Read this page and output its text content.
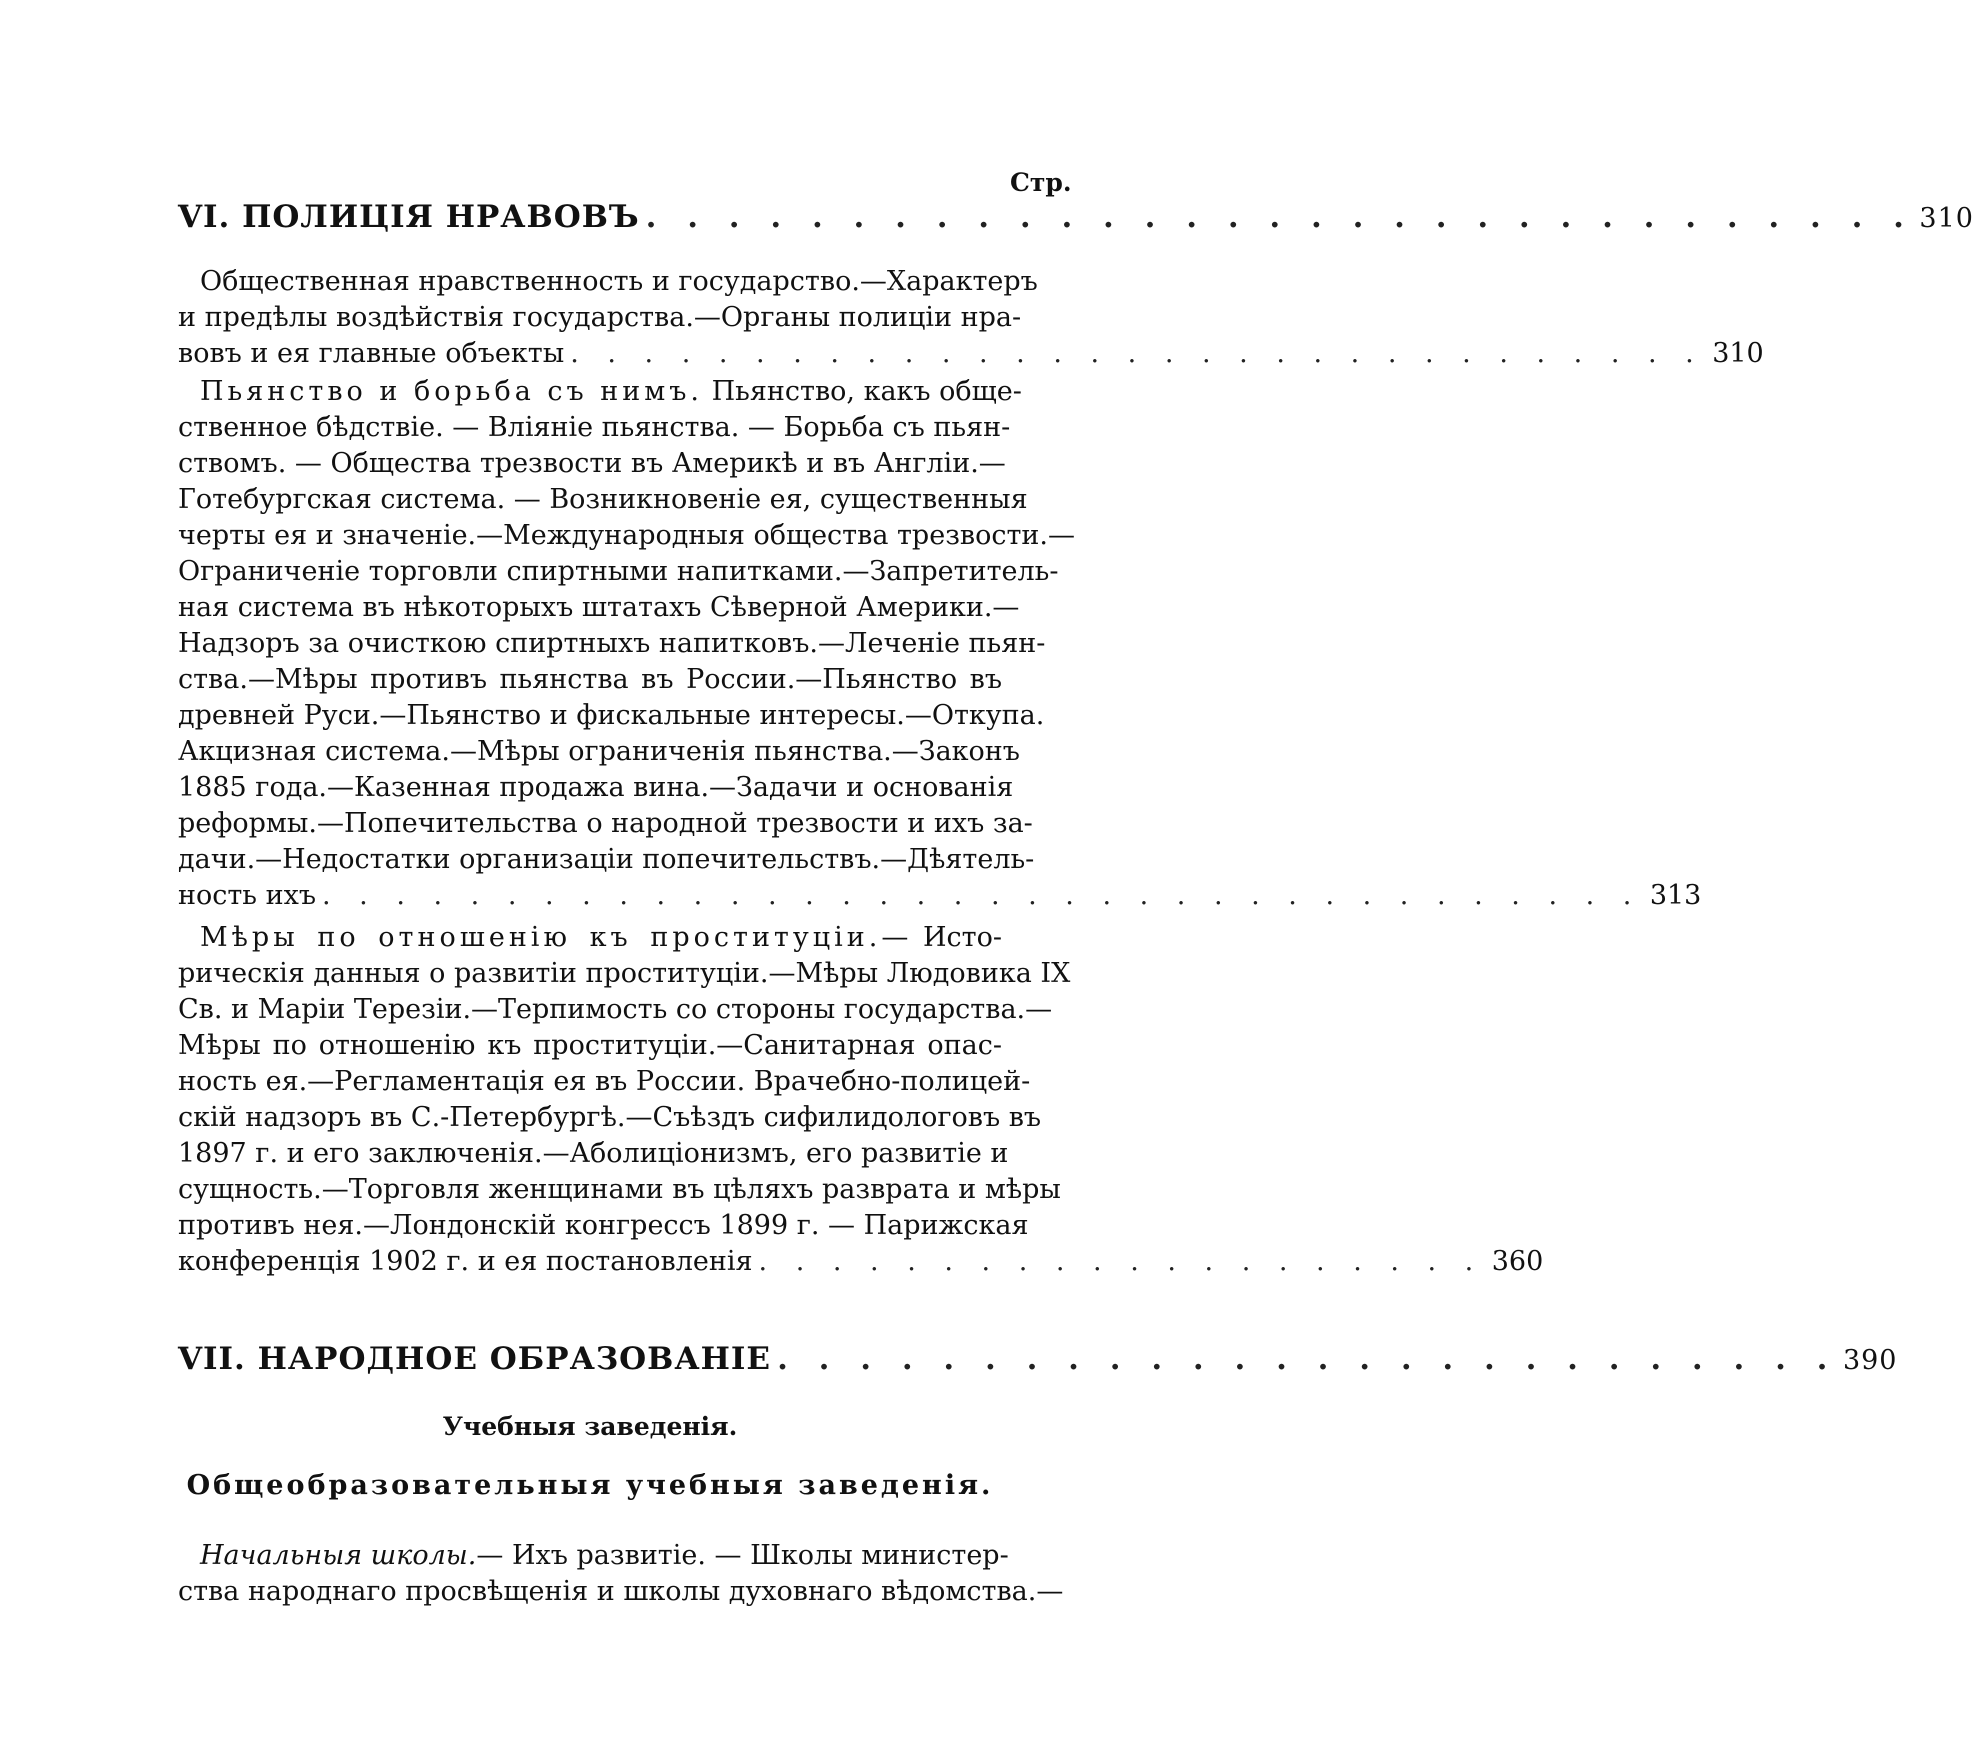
Стр.
VI. ПОЛИЦІЯ НРАВОВЪ . . . . . . . . . . . . . . . . . . . . . . . . . . . . . . . 310
Общественная нравственность и государство.—Характеръ
и предѣлы воздѣйствія государства.—Органы полиціи нра-
вовъ и ея главные объекты . . . . . . . . . . . . . . . . . . . . . . . . . . . . . . . 310
Пьянство и борьба съ нимъ. Пьянство, какъ обще-
ственное бѣдствіе. — Вліяніе пьянства. — Борьба съ пьян-
ствомъ. — Общества трезвости въ Америкѣ и въ Англіи.—
Готебургская система. — Возникновеніе ея, существенныя
черты ея и значеніе.—Международныя общества трезвости.—
Ограниченіе торговли спиртными напитками.—Запретитель-
ная система въ нѣкоторыхъ штатахъ Сѣверной Америки.—
Надзоръ за очисткою спиртныхъ напитковъ.—Леченіе пьян-
ства.—Мѣры противъ пьянства въ России.—Пьянство въ
древней Руси.—Пьянство и фискальные интересы.—Откупа.
Акцизная система.—Мѣры ограниченія пьянства.—Законъ
1885 года.—Казенная продажа вина.—Задачи и основанія
реформы.—Попечительства о народной трезвости и ихъ за-
дачи.—Недостатки организаціи попечительствъ.—Дѣятель-
ность ихъ . . . . . . . . . . . . . . . . . . . . . . . . . . . . . . . . . . . . 313
Мѣры по отношенію къ проституціи.— Исто-
рическія данныя о развитіи проституціи.—Мѣры Людовика IX
Св. и Маріи Терезіи.—Терпимость со стороны государства.—
Мѣры по отношенію къ проституціи.—Санитарная опас-
ность ея.—Регламентація ея въ России. Врачебно-полицей-
скій надзоръ въ С.-Петербургѣ.—Съѣздъ сифилидологовъ въ
1897 г. и его заключенія.—Аболиціонизмъ, его развитіе и
сущность.—Торговля женщинами въ цѣляхъ разврата и мѣры
противъ нея.—Лондонскій конгрессъ 1899 г. — Парижская
конференція 1902 г. и ея постановленія . . . . . . . . . . . . . . . . . . . . 360
VII. НАРОДНОЕ ОБРАЗОВАНІЕ . . . . . . . . . . . . . . . . . . . . . . . . . . 390
Учебныя заведенія.
Общеобразовательныя учебныя заведенія.
Начальныя школы.— Ихъ развитіе. — Школы министер-
ства народнаго просвѣщенія и школы духовнаго вѣдомства.—
